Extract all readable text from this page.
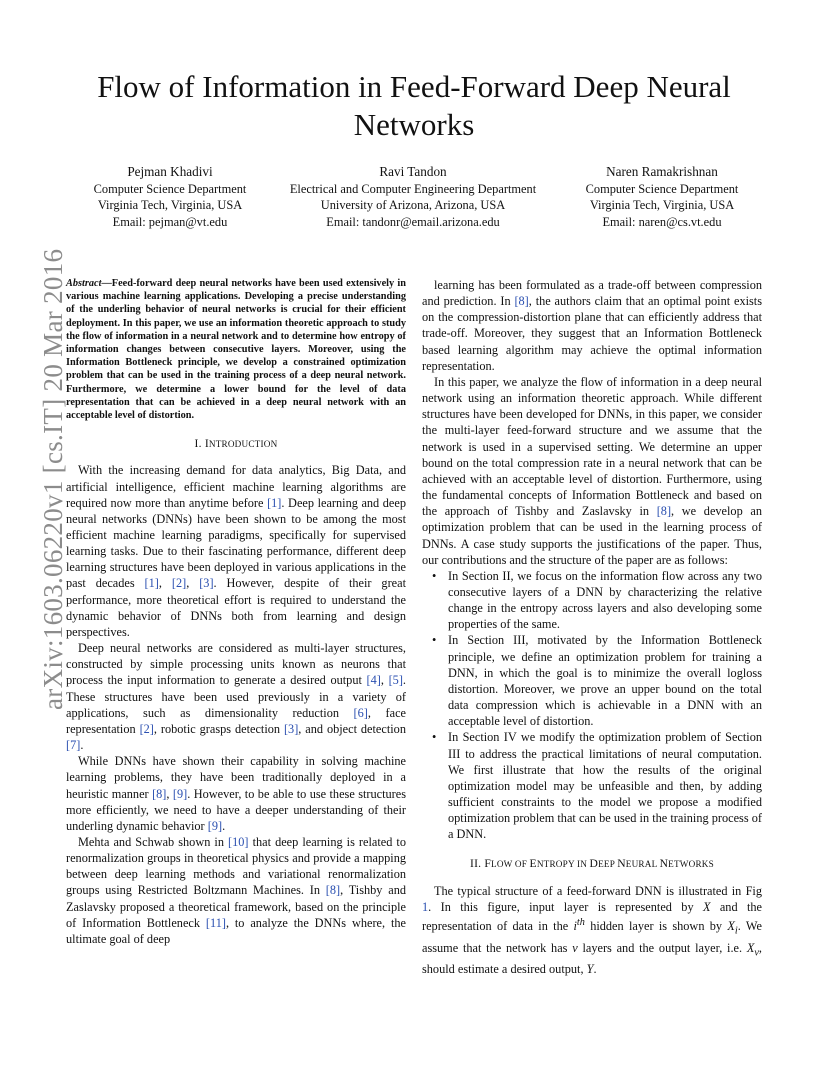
arXiv:1603.06220v1 [cs.IT] 20 Mar 2016
Flow of Information in Feed-Forward Deep Neural Networks
Pejman Khadivi
Computer Science Department
Virginia Tech, Virginia, USA
Email: pejman@vt.edu
Ravi Tandon
Electrical and Computer Engineering Department
University of Arizona, Arizona, USA
Email: tandonr@email.arizona.edu
Naren Ramakrishnan
Computer Science Department
Virginia Tech, Virginia, USA
Email: naren@cs.vt.edu
Abstract—Feed-forward deep neural networks have been used extensively in various machine learning applications. Developing a precise understanding of the underling behavior of neural networks is crucial for their efficient deployment. In this paper, we use an information theoretic approach to study the flow of information in a neural network and to determine how entropy of information changes between consecutive layers. Moreover, using the Information Bottleneck principle, we develop a constrained optimization problem that can be used in the training process of a deep neural network. Furthermore, we determine a lower bound for the level of data representation that can be achieved in a deep neural network with an acceptable level of distortion.
I. INTRODUCTION

With the increasing demand for data analytics, Big Data, and artificial intelligence, efficient machine learning algorithms are required now more than anytime before [1]. Deep learning and deep neural networks (DNNs) have been shown to be among the most efficient machine learning paradigms, specifically for supervised learning tasks. Due to their fascinating performance, different deep learning structures have been deployed in various applications in the past decades [1], [2], [3]. However, despite of their great performance, more theoretical effort is required to understand the dynamic behavior of DNNs both from learning and design perspectives.

Deep neural networks are considered as multi-layer structures, constructed by simple processing units known as neurons that process the input information to generate a desired output [4], [5]. These structures have been used previously in a variety of applications, such as dimensionality reduction [6], face representation [2], robotic grasps detection [3], and object detection [7].

While DNNs have shown their capability in solving machine learning problems, they have been traditionally deployed in a heuristic manner [8], [9]. However, to be able to use these structures more efficiently, we need to have a deeper understanding of their underling dynamic behavior [9].

Mehta and Schwab shown in [10] that deep learning is related to renormalization groups in theoretical physics and provide a mapping between deep learning methods and variational renormalization groups using Restricted Boltzmann Machines. In [8], Tishby and Zaslavsky proposed a theoretical framework, based on the principle of Information Bottleneck [11], to analyze the DNNs where, the ultimate goal of deep

learning has been formulated as a trade-off between compression and prediction. In [8], the authors claim that an optimal point exists on the compression-distortion plane that can efficiently address that trade-off. Moreover, they suggest that an Information Bottleneck based learning algorithm may achieve the optimal information representation.

In this paper, we analyze the flow of information in a deep neural network using an information theoretic approach. While different structures have been developed for DNNs, in this paper, we consider the multi-layer feed-forward structure and we assume that the network is used in a supervised setting. We determine an upper bound on the total compression rate in a neural network that can be achieved with an acceptable level of distortion. Furthermore, using the fundamental concepts of Information Bottleneck and based on the approach of Tishby and Zaslavsky in [8], we develop an optimization problem that can be used in the learning process of DNNs. A case study supports the justifications of the paper. Thus, our contributions and the structure of the paper are as follows:

• In Section II, we focus on the information flow across any two consecutive layers of a DNN by characterizing the relative change in the entropy across layers and also developing some properties of the same.
• In Section III, motivated by the Information Bottleneck principle, we define an optimization problem for training a DNN, in which the goal is to minimize the overall logloss distortion. Moreover, we prove an upper bound on the total data compression which is achievable in a DNN with an acceptable level of distortion.
• In Section IV we modify the optimization problem of Section III to address the practical limitations of neural computation. We first illustrate that how the results of the original optimization model may be unfeasible and then, by adding sufficient constraints to the model we propose a modified optimization problem that can be used in the training process of a DNN.
II. FLOW OF ENTROPY IN DEEP NEURAL NETWORKS

The typical structure of a feed-forward DNN is illustrated in Fig 1. In this figure, input layer is represented by X and the representation of data in the $i^{th}$ hidden layer is shown by $X_i$. We assume that the network has ν layers and the output layer, i.e. $X_\nu$, should estimate a desired output, Y.
